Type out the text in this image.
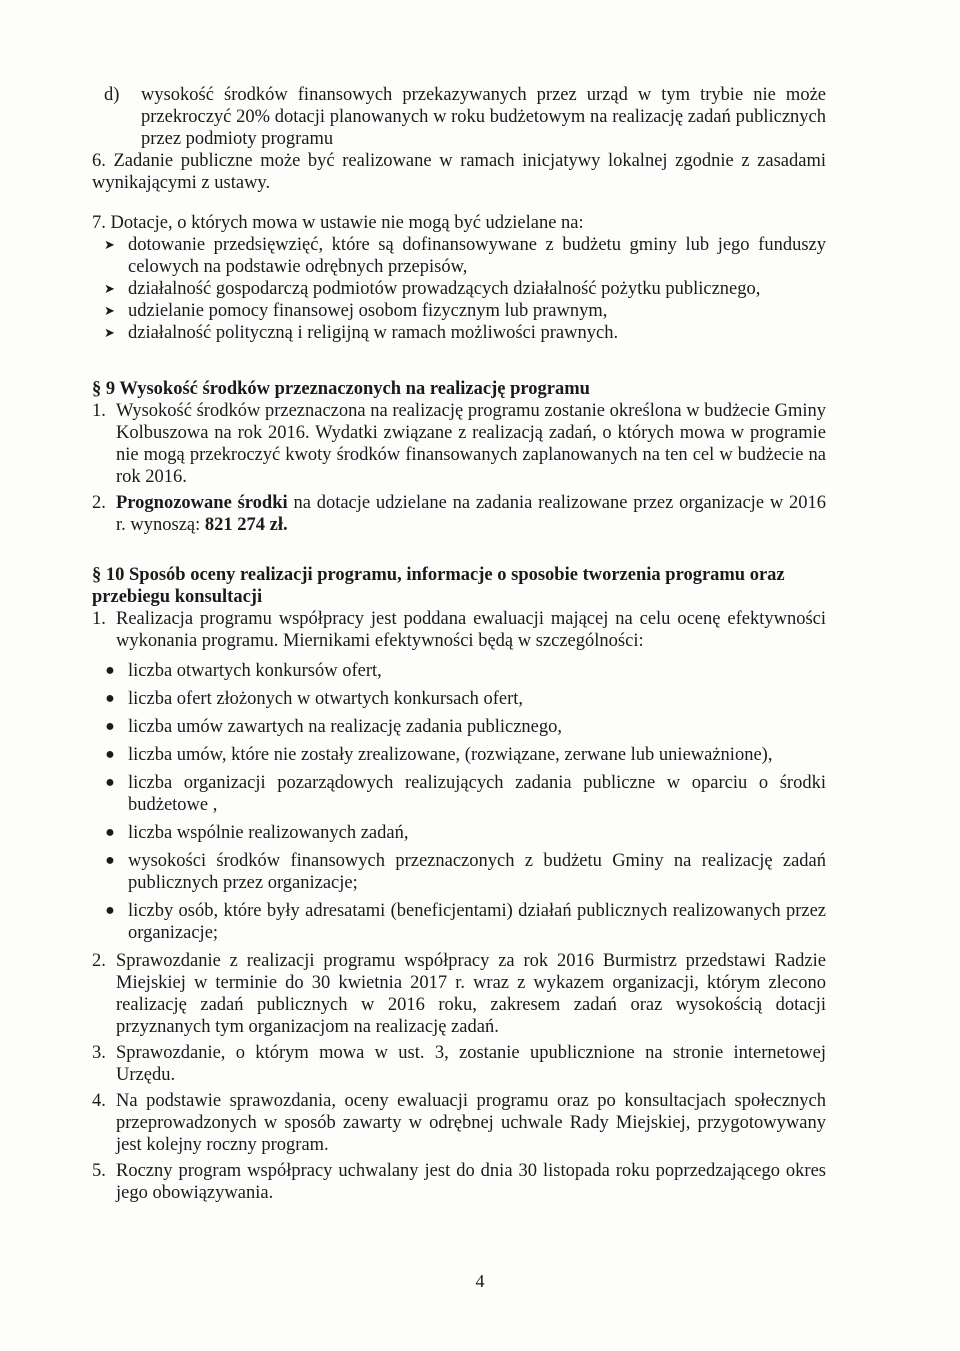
d)	wysokość środków finansowych przekazywanych przez urząd w tym trybie nie może przekroczyć 20% dotacji planowanych w roku budżetowym na realizację zadań publicznych przez podmioty programu

6. Zadanie publiczne może być realizowane w ramach inicjatywy lokalnej zgodnie z zasadami wynikającymi z ustawy.

7. Dotacje, o których mowa w ustawie nie mogą być udzielane na:

➤ dotowanie przedsięwzięć, które są dofinansowywane z budżetu gminy lub jego funduszy celowych na podstawie odrębnych przepisów,
➤ działalność gospodarczą podmiotów prowadzących działalność pożytku publicznego,
➤ udzielanie pomocy finansowej osobom fizycznym lub prawnym,
➤ działalność polityczną i religijną w ramach możliwości prawnych.

§ 9 Wysokość środków przeznaczonych na realizację programu

1. Wysokość środków przeznaczona na realizację programu zostanie określona w budżecie Gminy Kolbuszowa na rok 2016. Wydatki związane z realizacją zadań, o których mowa w programie nie mogą przekroczyć kwoty środków finansowanych zaplanowanych na ten cel w budżecie na rok 2016.

2. Prognozowane środki na dotacje udzielane na zadania realizowane przez organizacje w 2016 r. wynoszą: 821 274 zł.

§ 10 Sposób oceny realizacji programu, informacje o sposobie tworzenia programu oraz przebiegu konsultacji

1. Realizacja programu współpracy jest poddana ewaluacji mającej na celu ocenę efektywności wykonania programu. Miernikami efektywności będą w szczególności:

● liczba otwartych konkursów ofert,
● liczba ofert złożonych w otwartych konkursach ofert,
● liczba umów zawartych na realizację zadania publicznego,
● liczba umów, które nie zostały zrealizowane, (rozwiązane, zerwane lub unieważnione),
● liczba organizacji pozarządowych realizujących zadania publiczne w oparciu o środki budżetowe ,
● liczba wspólnie realizowanych zadań,
● wysokości środków finansowych przeznaczonych z budżetu Gminy na realizację zadań publicznych przez organizacje;
● liczby osób, które były adresatami (beneficjentami) działań publicznych realizowanych przez organizacje;
2. Sprawozdanie z realizacji programu współpracy za rok 2016 Burmistrz przedstawi Radzie Miejskiej w terminie do 30 kwietnia 2017 r. wraz z wykazem organizacji, którym zlecono realizację zadań publicznych w 2016 roku, zakresem zadań oraz wysokością dotacji przyznanych tym organizacjom na realizację zadań.

3. Sprawozdanie, o którym mowa w ust. 3, zostanie upublicznione na stronie internetowej Urzędu.

4. Na podstawie sprawozdania, oceny ewaluacji programu oraz po konsultacjach społecznych przeprowadzonych w sposób zawarty w odrębnej uchwale Rady Miejskiej, przygotowywany jest kolejny roczny program.

5. Roczny program współpracy uchwalany jest do dnia 30 listopada roku poprzedzającego okres jego obowiązywania.

4
